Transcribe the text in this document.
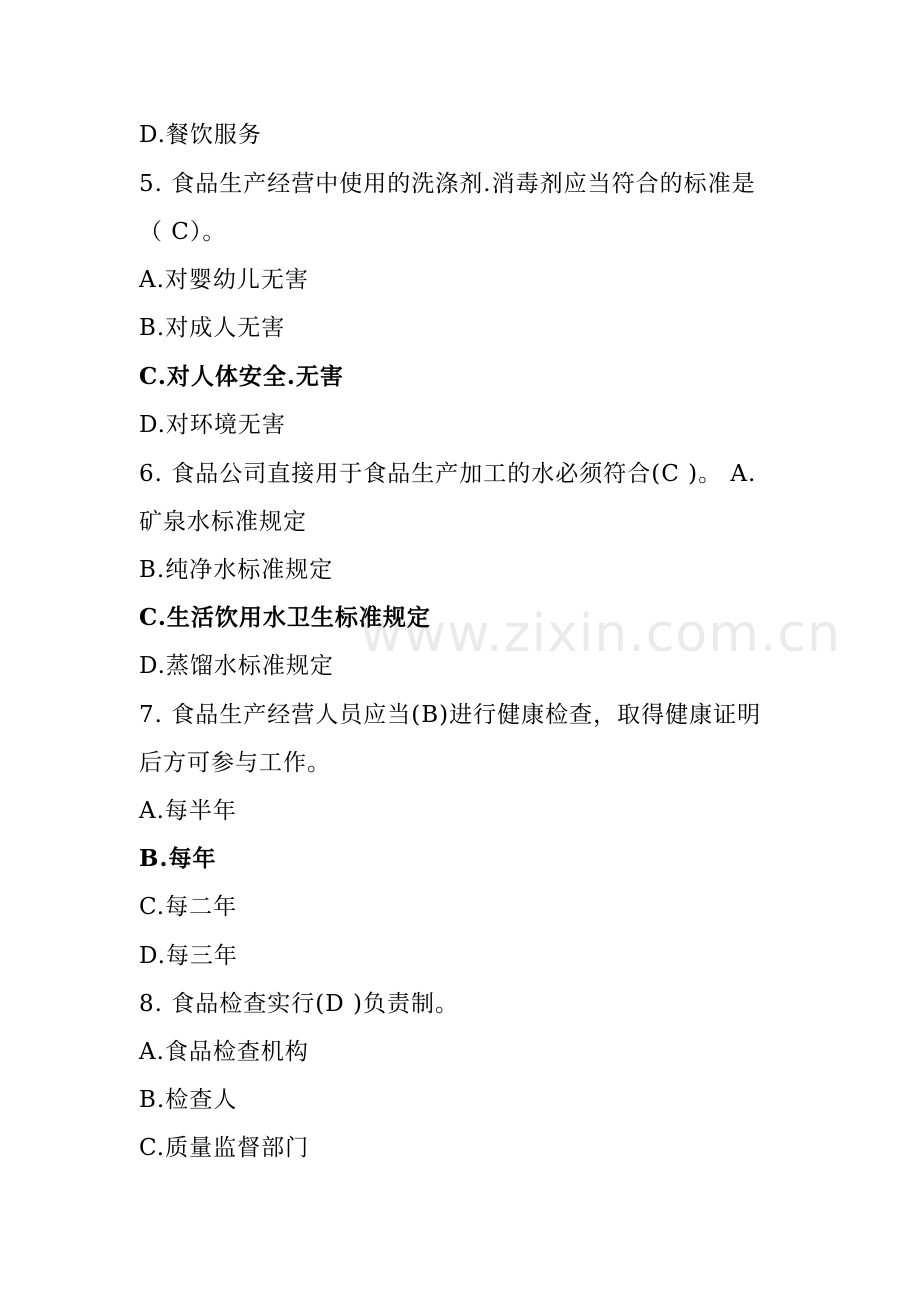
D.餐饮服务
5. 食品生产经营中使用的洗涤剂.消毒剂应当符合的标准是
（ C）。
A.对婴幼儿无害
B.对成人无害
C.对人体安全.无害
D.对环境无害
6. 食品公司直接用于食品生产加工的水必须符合(C )。 A.
矿泉水标准规定
B.纯净水标准规定
C.生活饮用水卫生标准规定
D.蒸馏水标准规定
7. 食品生产经营人员应当(B)进行健康检查，取得健康证明
后方可参与工作。
A.每半年
B.每年
C.每二年
D.每三年
8. 食品检查实行(D )负责制。
A.食品检查机构
B.检查人
C.质量监督部门
www.zixin.com.cn
